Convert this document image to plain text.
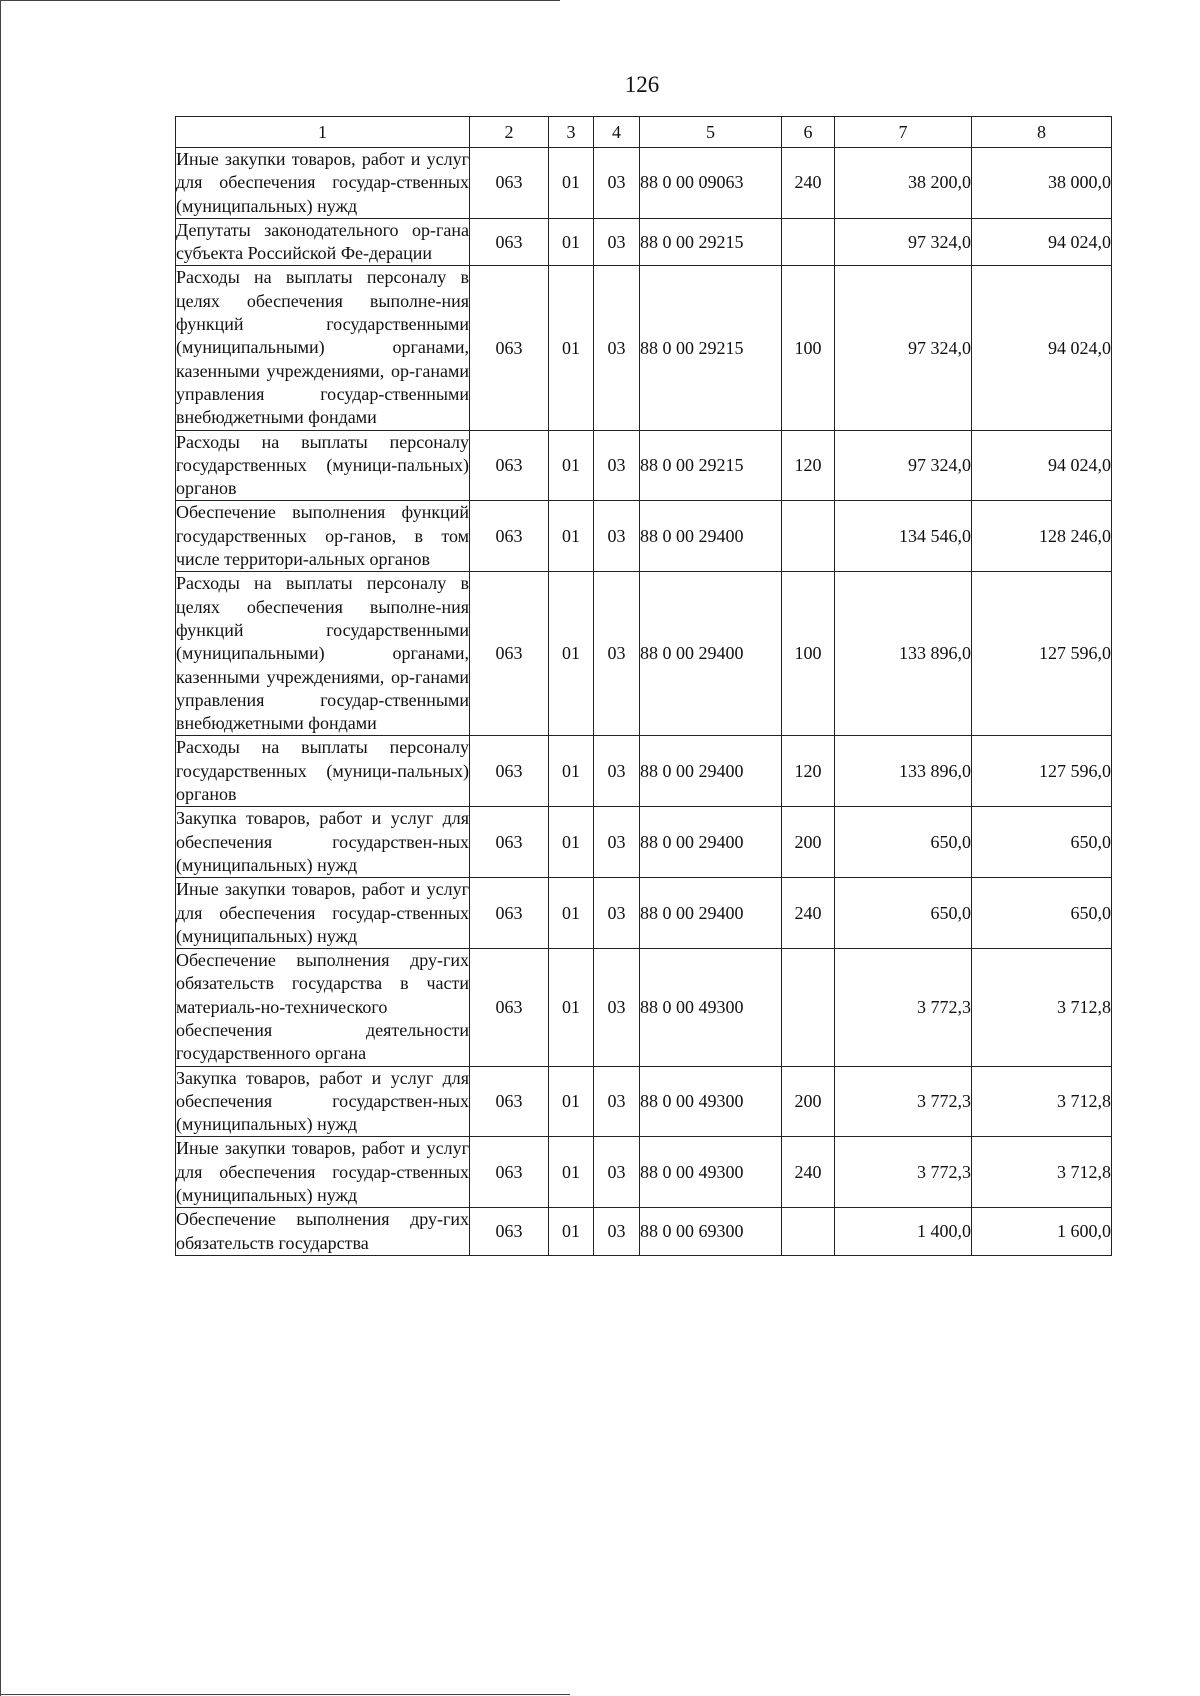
126
1	2	3	4	5	6	7	8
Иные закупки товаров, работ и услуг для обеспечения государ-ственных (муниципальных) нужд	063	01	03	88 0 00 09063	240	38 200,0	38 000,0
Депутаты законодательного ор-гана субъекта Российской Фе-дерации	063	01	03	88 0 00 29215		97 324,0	94 024,0
Расходы на выплаты персоналу в целях обеспечения выполне-ния функций государственными (муниципальными) органами, казенными учреждениями, ор-ганами управления государ-ственными внебюджетными фондами	063	01	03	88 0 00 29215	100	97 324,0	94 024,0
Расходы на выплаты персоналу государственных (муници-пальных) органов	063	01	03	88 0 00 29215	120	97 324,0	94 024,0
Обеспечение выполнения функций государственных ор-ганов, в том числе территори-альных органов	063	01	03	88 0 00 29400		134 546,0	128 246,0
Расходы на выплаты персоналу в целях обеспечения выполне-ния функций государственными (муниципальными) органами, казенными учреждениями, ор-ганами управления государ-ственными внебюджетными фондами	063	01	03	88 0 00 29400	100	133 896,0	127 596,0
Расходы на выплаты персоналу государственных (муници-пальных) органов	063	01	03	88 0 00 29400	120	133 896,0	127 596,0
Закупка товаров, работ и услуг для обеспечения государствен-ных (муниципальных) нужд	063	01	03	88 0 00 29400	200	650,0	650,0
Иные закупки товаров, работ и услуг для обеспечения государ-ственных (муниципальных) нужд	063	01	03	88 0 00 29400	240	650,0	650,0
Обеспечение выполнения дру-гих обязательств государства в части материаль-но-технического обеспечения деятельности государственного органа	063	01	03	88 0 00 49300		3 772,3	3 712,8
Закупка товаров, работ и услуг для обеспечения государствен-ных (муниципальных) нужд	063	01	03	88 0 00 49300	200	3 772,3	3 712,8
Иные закупки товаров, работ и услуг для обеспечения государ-ственных (муниципальных) нужд	063	01	03	88 0 00 49300	240	3 772,3	3 712,8
Обеспечение выполнения дру-гих обязательств государства	063	01	03	88 0 00 69300		1 400,0	1 600,0
